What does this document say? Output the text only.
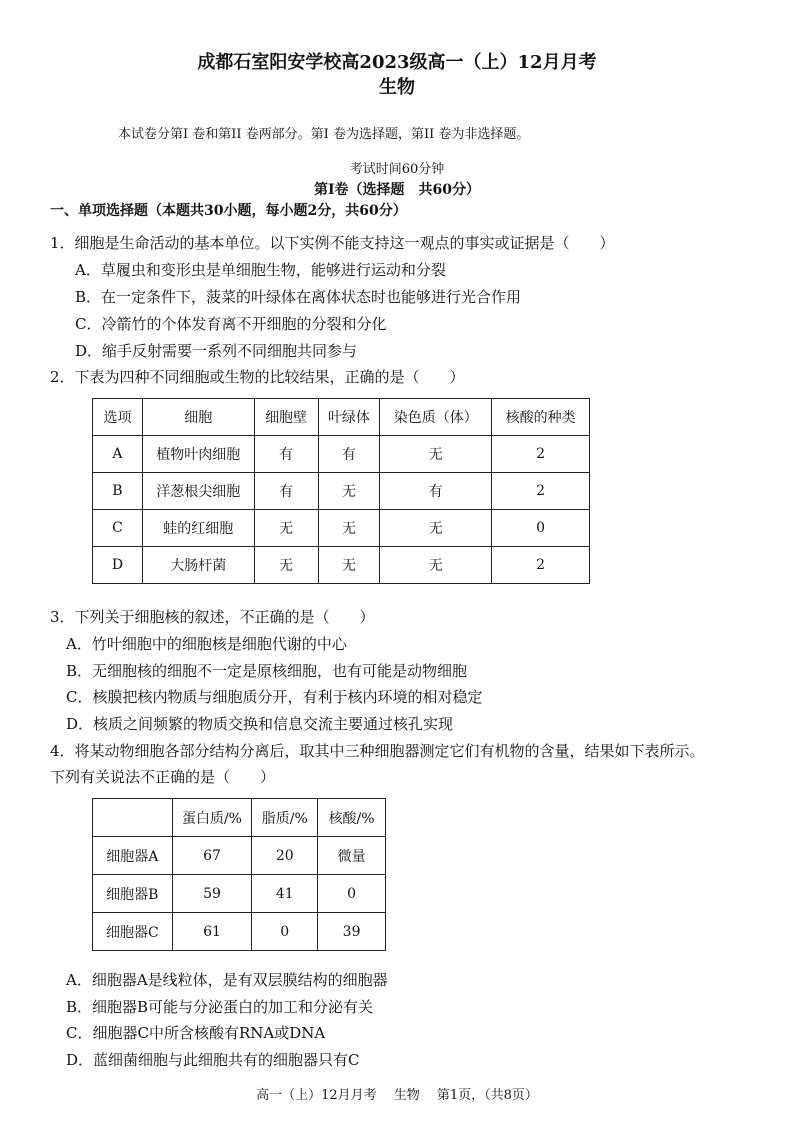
成都石室阳安学校高2023级高一（上）12月月考
生物
本试卷分第Ⅰ 卷和第II 卷两部分。第Ⅰ 卷为选择题，第II 卷为非选择题。
考试时间60分钟
第Ⅰ卷（选择题　共60分）
一、单项选择题（本题共30小题，每小题2分，共60分）
1．细胞是生命活动的基本单位。以下实例不能支持这一观点的事实或证据是（　　）
A．草履虫和变形虫是单细胞生物，能够进行运动和分裂
B．在一定条件下，菠菜的叶绿体在离体状态时也能够进行光合作用
C．冷箭竹的个体发育离不开细胞的分裂和分化
D．缩手反射需要一系列不同细胞共同参与
2．下表为四种不同细胞或生物的比较结果，正确的是（　　）
选项	细胞	细胞壁	叶绿体	染色质（体）	核酸的种类
A	植物叶肉细胞	有	有	无	2
B	洋葱根尖细胞	有	无	有	2
C	蛙的红细胞	无	无	无	0
D	大肠杆菌	无	无	无	2
3．下列关于细胞核的叙述，不正确的是（　　）
A．竹叶细胞中的细胞核是细胞代谢的中心
B．无细胞核的细胞不一定是原核细胞，也有可能是动物细胞
C．核膜把核内物质与细胞质分开，有利于核内环境的相对稳定
D．核质之间频繁的物质交换和信息交流主要通过核孔实现
4．将某动物细胞各部分结构分离后，取其中三种细胞器测定它们有机物的含量，结果如下表所示。
下列有关说法不正确的是（　　）
	蛋白质/%	脂质/%	核酸/%
细胞器A	67	20	微量
细胞器B	59	41	0
细胞器C	61	0	39
A．细胞器A是线粒体，是有双层膜结构的细胞器
B．细胞器B可能与分泌蛋白的加工和分泌有关
C．细胞器C中所含核酸有RNA或DNA
D．蓝细菌细胞与此细胞共有的细胞器只有C
高一（上）12月月考　 生物　 第1页，（共8页）
